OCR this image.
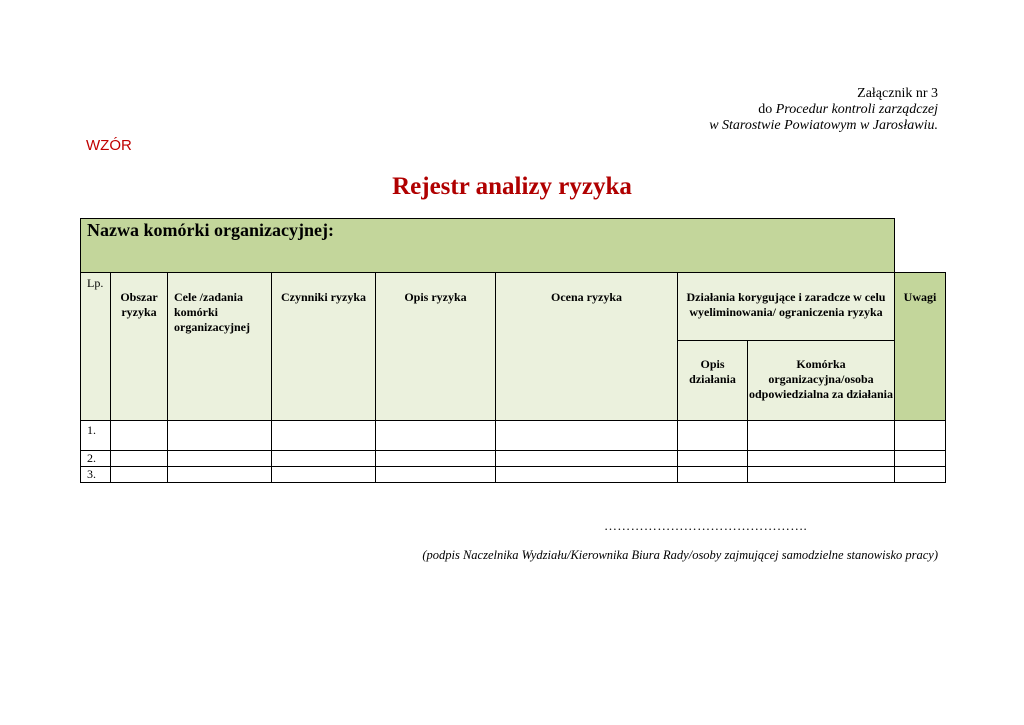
Załącznik nr 3
do Procedur kontroli zarządczej
w Starostwie Powiatowym w Jarosławiu.
WZÓR
Rejestr analizy ryzyka
Nazwa komórki organizacyjnej:								
Lp.	Obszar ryzyka	Cele /zadania komórki organizacyjnej	Czynniki ryzyka	Opis ryzyka	Ocena ryzyka	Działania korygujące i zaradcze w celu wyeliminowania/ ograniczenia ryzyka		Uwagi
						Opis działania	Komórka organizacyjna/osoba odpowiedzialna za działania	
1.								
2.								
3.								
……………………………………….
(podpis Naczelnika Wydziału/Kierownika Biura Rady/osoby zajmującej samodzielne stanowisko pracy)
